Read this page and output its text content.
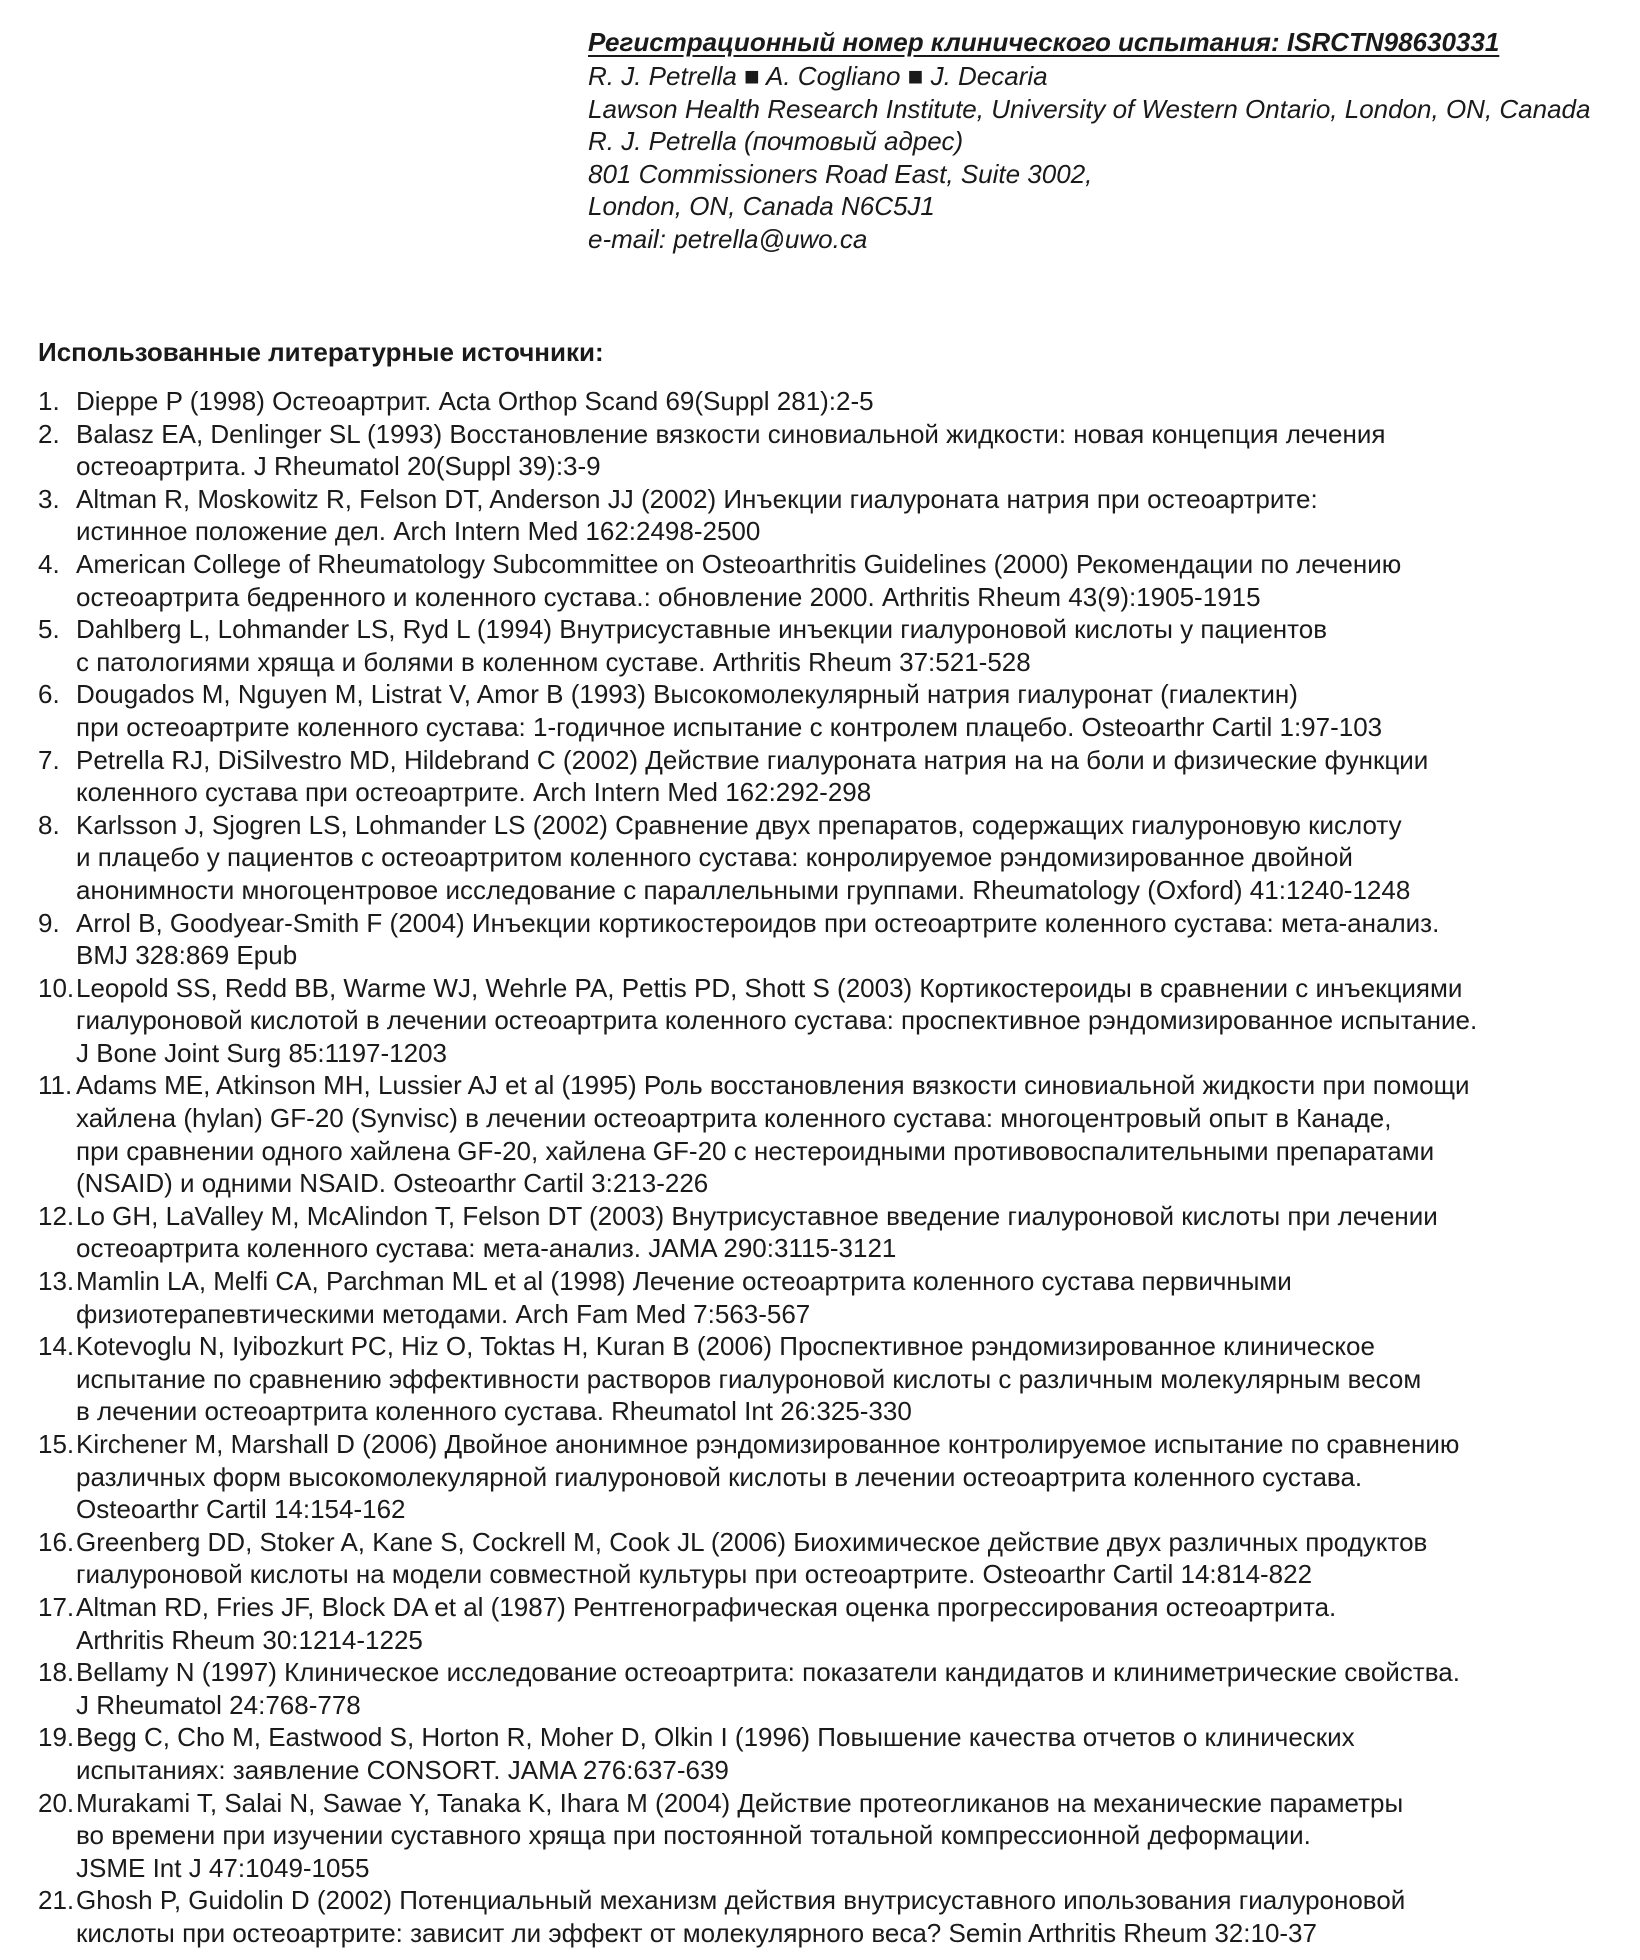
Регистрационный номер клинического испытания: ISRCTN98630331
R. J. Petrella ■ A. Cogliano ■ J. Decaria
Lawson Health Research Institute, University of Western Ontario, London, ON, Canada
R. J. Petrella (почтовый адрес)
801 Commissioners Road East, Suite 3002,
London, ON, Canada N6C5J1
e-mail: petrella@uwo.ca
Использованные литературные источники:
1. Dieppe P (1998) Остеоартрит. Acta Orthop Scand 69(Suppl 281):2-5
2. Balasz EA, Denlinger SL (1993) Восстановление вязкости синовиальной жидкости: новая концепция лечения
остеоартрита. J Rheumatol 20(Suppl 39):3-9
3. Altman R, Moskowitz R, Felson DT, Anderson JJ (2002) Инъекции гиалуроната натрия при остеоартрите:
истинное положение дел. Arch Intern Med 162:2498-2500
4. American College of Rheumatology Subcommittee on Osteoarthritis Guidelines (2000) Рекомендации по лечению
остеоартрита бедренного и коленного сустава.: обновление 2000. Arthritis Rheum 43(9):1905-1915
5. Dahlberg L, Lohmander LS, Ryd L (1994) Внутрисуставные инъекции гиалуроновой кислоты у пациентов
с патологиями хряща и болями в коленном суставе. Arthritis Rheum 37:521-528
6. Dougados M, Nguyen M, Listrat V, Amor B (1993) Высокомолекулярный натрия гиалуронат (гиалектин)
при остеоартрите коленного сустава: 1-годичное испытание с контролем плацебо. Osteoarthr Cartil 1:97-103
7. Petrella RJ, DiSilvestro MD, Hildebrand C (2002) Действие гиалуроната натрия на на боли и физические функции
коленного сустава при остеоартрите. Arch Intern Med 162:292-298
8. Karlsson J, Sjogren LS, Lohmander LS (2002) Сравнение двух препаратов, содержащих гиалуроновую кислоту
и плацебо у пациентов с остеоартритом коленного сустава: конролируемое рэндомизированное двойной
анонимности многоцентровое исследование с параллельными группами. Rheumatology (Oxford) 41:1240-1248
9. Arrol B, Goodyear-Smith F (2004) Инъекции кортикостероидов при остеоартрите коленного сустава: мета-анализ.
BMJ 328:869 Epub
10. Leopold SS, Redd BB, Warme WJ, Wehrle PA, Pettis PD, Shott S (2003) Кортикостероиды в сравнении с инъекциями
гиалуроновой кислотой в лечении остеоартрита коленного сустава: проспективное рэндомизированное испытание.
J Bone Joint Surg 85:1197-1203
11. Adams ME, Atkinson MH, Lussier AJ et al (1995) Роль восстановления вязкости синовиальной жидкости при помощи
хайлена (hylan) GF-20 (Synvisc) в лечении остеоартрита коленного сустава: многоцентровый опыт в Канаде,
при сравнении одного хайлена GF-20, хайлена GF-20 с нестероидными противовоспалительными препаратами
(NSAID) и одними NSAID. Osteoarthr Cartil 3:213-226
12. Lo GH, LaValley M, McAlindon T, Felson DT (2003) Внутрисуставное введение гиалуроновой кислоты при лечении
остеоартрита коленного сустава: мета-анализ. JAMA 290:3115-3121
13. Mamlin LA, Melfi CA, Parchman ML et al (1998) Лечение остеоартрита коленного сустава первичными
физиотерапевтическими методами. Arch Fam Med 7:563-567
14. Kotevoglu N, Iyibozkurt PC, Hiz O, Toktas H, Kuran B (2006) Проспективное рэндомизированное клиническое
испытание по сравнению эффективности растворов гиалуроновой кислоты с различным молекулярным весом
в лечении остеоартрита коленного сустава. Rheumatol Int 26:325-330
15. Kirchener M, Marshall D (2006) Двойное анонимное рэндомизированное контролируемое испытание по сравнению
различных форм высокомолекулярной гиалуроновой кислоты в лечении остеоартрита коленного сустава.
Osteoarthr Cartil 14:154-162
16. Greenberg DD, Stoker A, Kane S, Cockrell M, Cook JL (2006) Биохимическое действие двух различных продуктов
гиалуроновой кислоты на модели совместной культуры при остеоартрите. Osteoarthr Cartil 14:814-822
17. Altman RD, Fries JF, Block DA et al (1987) Рентгенографическая оценка прогрессирования остеоартрита.
Arthritis Rheum 30:1214-1225
18. Bellamy N (1997) Клиническое исследование остеоартрита: показатели кандидатов и клиниметрические свойства.
J Rheumatol 24:768-778
19. Begg C, Cho M, Eastwood S, Horton R, Moher D, Olkin I (1996) Повышение качества отчетов о клинических
испытаниях: заявление CONSORT. JAMA 276:637-639
20. Murakami T, Salai N, Sawae Y, Tanaka K, Ihara M (2004) Действие протеогликанов на механические параметры
во времени при изучении суставного хряща при постоянной тотальной компрессионной деформации.
JSME Int J 47:1049-1055
21. Ghosh P, Guidolin D (2002) Потенциальный механизм действия внутрисуставного ипользования гиалуроновой
кислоты при остеоартрите: зависит ли эффект от молекулярного веса? Semin Arthritis Rheum 32:10-37
